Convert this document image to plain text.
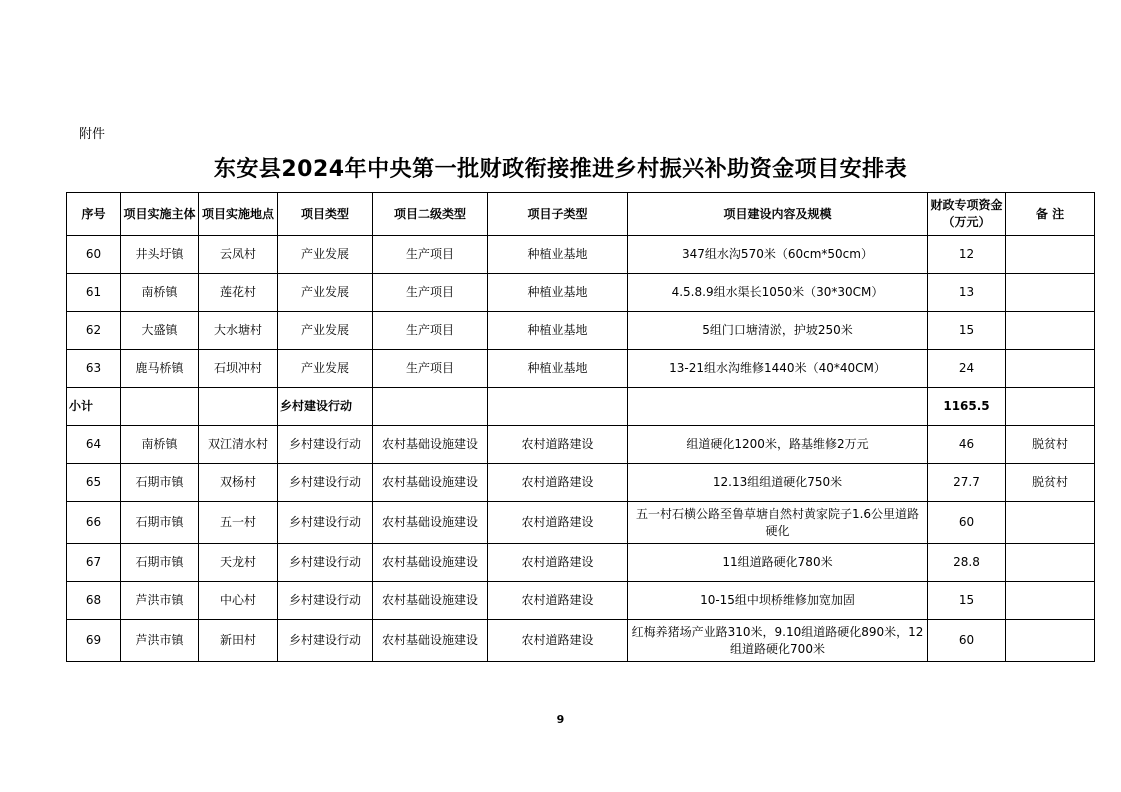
附件
东安县2024年中央第一批财政衔接推进乡村振兴补助资金项目安排表
序号	项目实施主体	项目实施地点	项目类型	项目二级类型	项目子类型	项目建设内容及规模	财政专项资金（万元）	备 注
60	井头圩镇	云凤村	产业发展	生产项目	种植业基地	347组水沟570米（60cm*50cm）	12	
61	南桥镇	莲花村	产业发展	生产项目	种植业基地	4.5.8.9组水渠长1050米（30*30CM）	13	
62	大盛镇	大水塘村	产业发展	生产项目	种植业基地	5组门口塘清淤，护坡250米	15	
63	鹿马桥镇	石坝冲村	产业发展	生产项目	种植业基地	13-21组水沟维修1440米（40*40CM）	24	
小计			乡村建设行动				1165.5	
64	南桥镇	双江清水村	乡村建设行动	农村基础设施建设	农村道路建设	组道硬化1200米，路基维修2万元	46	脱贫村
65	石期市镇	双杨村	乡村建设行动	农村基础设施建设	农村道路建设	12.13组组道硬化750米	27.7	脱贫村
66	石期市镇	五一村	乡村建设行动	农村基础设施建设	农村道路建设	五一村石横公路至鲁草塘自然村黄家院子1.6公里道路硬化	60	
67	石期市镇	天龙村	乡村建设行动	农村基础设施建设	农村道路建设	11组道路硬化780米	28.8	
68	芦洪市镇	中心村	乡村建设行动	农村基础设施建设	农村道路建设	10-15组中坝桥维修加宽加固	15	
69	芦洪市镇	新田村	乡村建设行动	农村基础设施建设	农村道路建设	红梅养猪场产业路310米，9.10组道路硬化890米，12组道路硬化700米	60	
9
